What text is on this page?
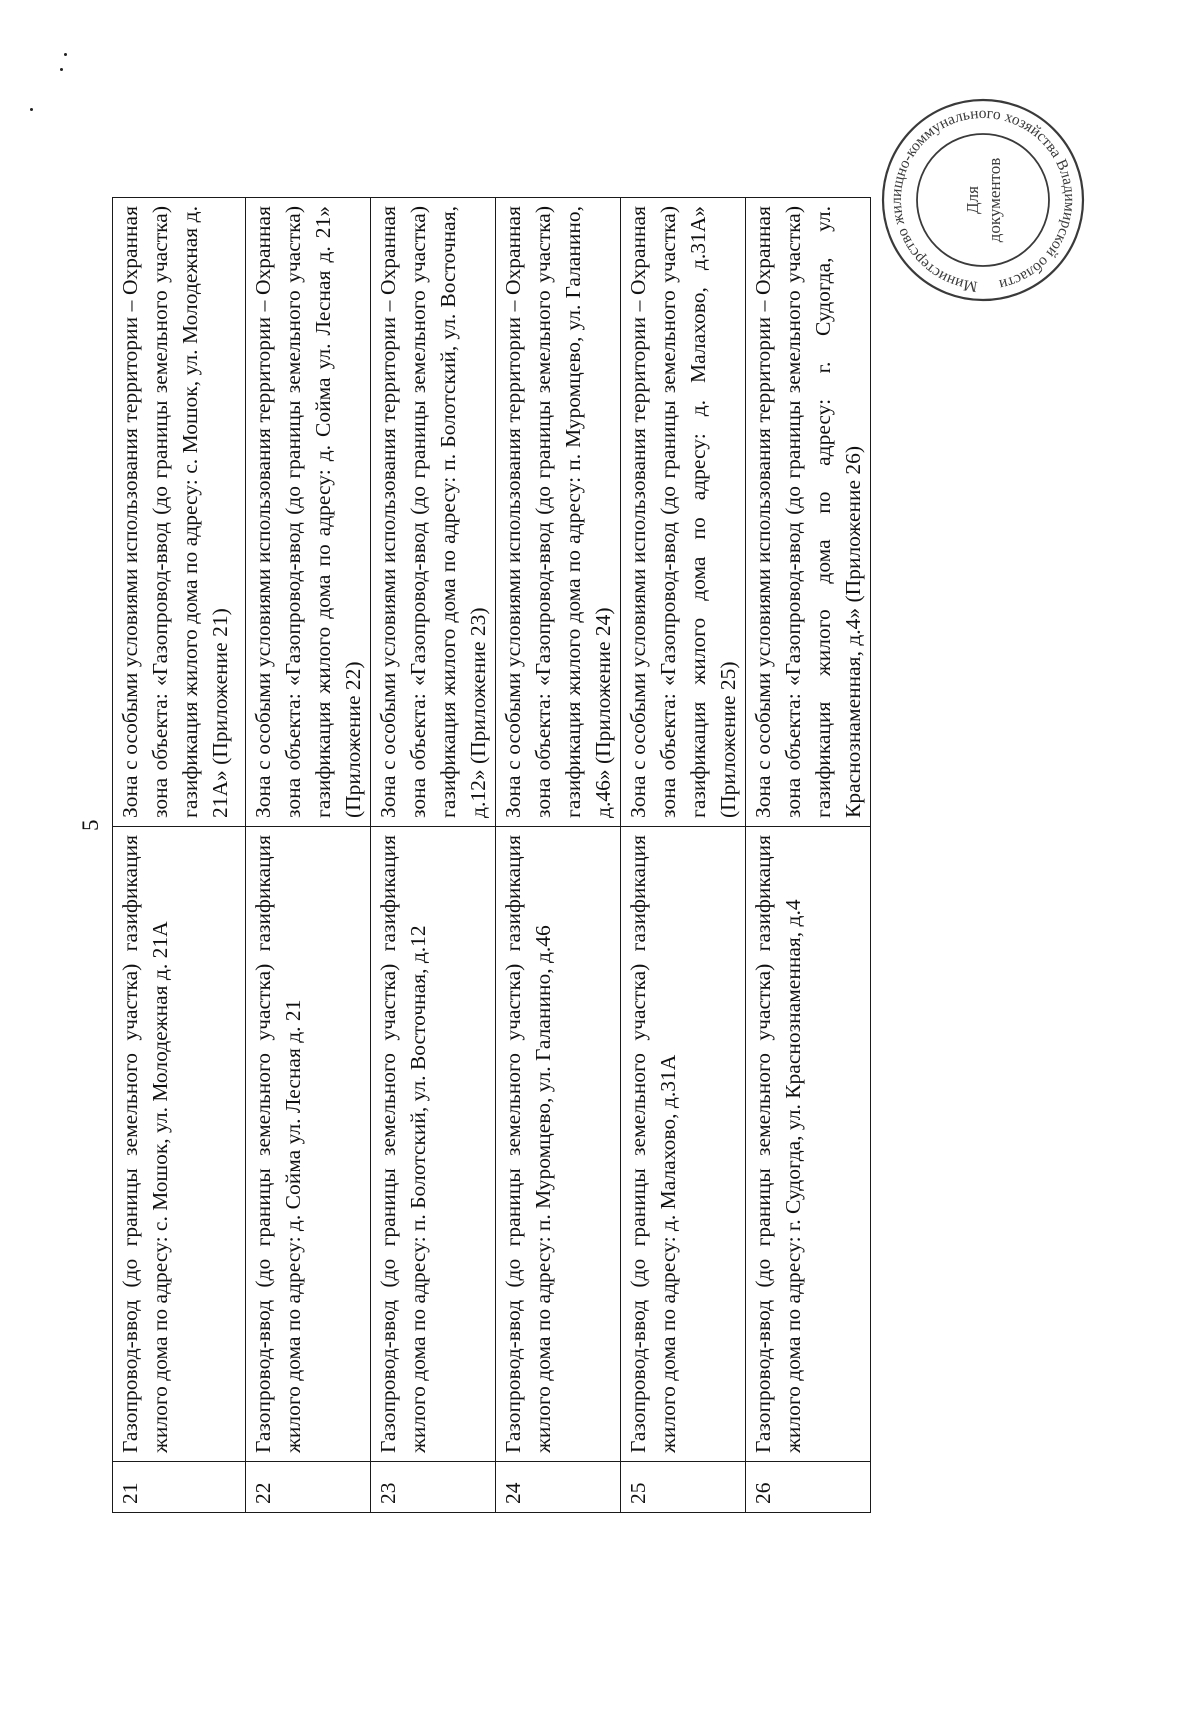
5
21	Газопровод-ввод (до границы земельного участка) газификация жилого дома по адресу: с. Мошок, ул. Молодежная д. 21А	Зона с особыми условиями использования территории – Охранная зона объекта: «Газопровод-ввод (до границы земельного участка) газификация жилого дома по адресу: с. Мошок, ул. Молодежная д. 21А» (Приложение 21)
22	Газопровод-ввод (до границы земельного участка) газификация жилого дома по адресу: д. Сойма ул. Лесная д. 21	Зона с особыми условиями использования территории – Охранная зона объекта: «Газопровод-ввод (до границы земельного участка) газификация жилого дома по адресу: д. Сойма ул. Лесная д. 21» (Приложение 22)
23	Газопровод-ввод (до границы земельного участка) газификация жилого дома по адресу: п. Болотский, ул. Восточная, д.12	Зона с особыми условиями использования территории – Охранная зона объекта: «Газопровод-ввод (до границы земельного участка) газификация жилого дома по адресу: п. Болотский, ул. Восточная, д.12» (Приложение 23)
24	Газопровод-ввод (до границы земельного участка) газификация жилого дома по адресу: п. Муромцево, ул. Галанино, д.46	Зона с особыми условиями использования территории – Охранная зона объекта: «Газопровод-ввод (до границы земельного участка) газификация жилого дома по адресу: п. Муромцево, ул. Галанино, д.46» (Приложение 24)
25	Газопровод-ввод (до границы земельного участка) газификация жилого дома по адресу: д. Малахово, д.31А	Зона с особыми условиями использования территории – Охранная зона объекта: «Газопровод-ввод (до границы земельного участка) газификация жилого дома по адресу: д. Малахово, д.31А» (Приложение 25)
26	Газопровод-ввод (до границы земельного участка) газификация жилого дома по адресу: г. Судогда, ул. Краснознаменная, д.4	Зона с особыми условиями использования территории – Охранная зона объекта: «Газопровод-ввод (до границы земельного участка) газификация жилого дома по адресу: г. Судогда, ул. Краснознаменная, д.4» (Приложение 26)
Министерство жилищно-коммунального хозяйства Владимирской области
Для документов
